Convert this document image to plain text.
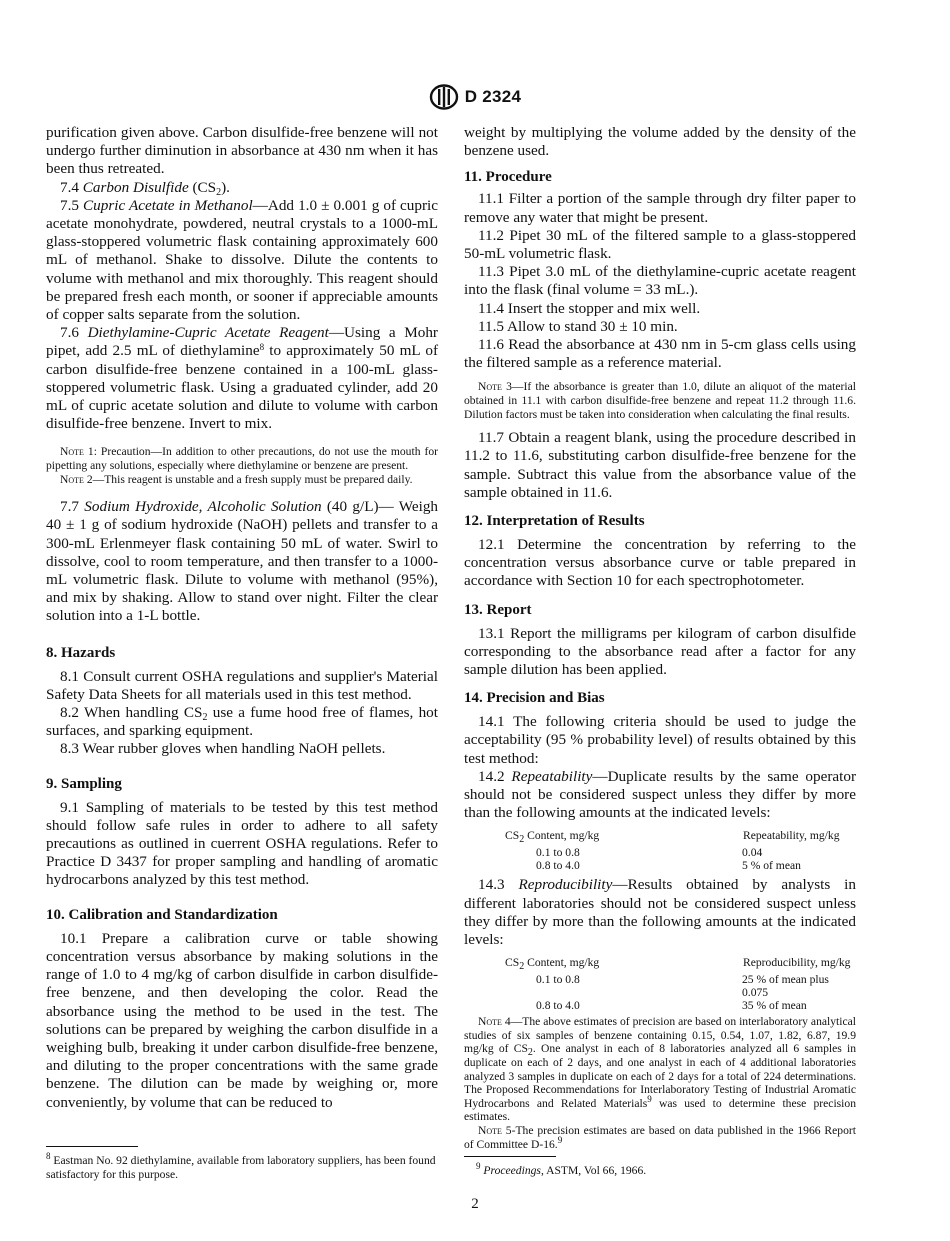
D 2324

purification given above. Carbon disulfide-free benzene will not undergo further diminution in absorbance at 430 nm when it has been thus retreated.

7.4 Carbon Disulfide $(CS_2)$.

7.5 Cupric Acetate in Methanol—Add 1.0 ± 0.001 g of cupric acetate monohydrate, powdered, neutral crystals to a 1000-mL glass-stoppered volumetric flask containing approximately 600 mL of methanol. Shake to dissolve. Dilute the contents to volume with methanol and mix thoroughly. This reagent should be prepared fresh each month, or sooner if appreciable amounts of copper salts separate from the solution.

7.6 Diethylamine-Cupric Acetate Reagent—Using a Mohr pipet, add 2.5 mL of diethylamine$^8$ to approximately 50 mL of carbon disulfide-free benzene contained in a 100-mL glass-stoppered volumetric flask. Using a graduated cylinder, add 20 mL of cupric acetate solution and dilute to volume with carbon disulfide-free benzene. Invert to mix.

Note 1: Precaution—In addition to other precautions, do not use the mouth for pipetting any solutions, especially where diethylamine or benzene are present.

Note 2—This reagent is unstable and a fresh supply must be prepared daily.

7.7 Sodium Hydroxide, Alcoholic Solution (40 g/L)— Weigh 40 ± 1 g of sodium hydroxide (NaOH) pellets and transfer to a 300-mL Erlenmeyer flask containing 50 mL of water. Swirl to dissolve, cool to room temperature, and then transfer to a 1000-mL volumetric flask. Dilute to volume with methanol (95%), and mix by shaking. Allow to stand over night. Filter the clear solution into a 1-L bottle.

8. Hazards

8.1 Consult current OSHA regulations and supplier's Material Safety Data Sheets for all materials used in this test method.

8.2 When handling $CS_2$ use a fume hood free of flames, hot surfaces, and sparking equipment.

8.3 Wear rubber gloves when handling NaOH pellets.

9. Sampling

9.1 Sampling of materials to be tested by this test method should follow safe rules in order to adhere to all safety precautions as outlined in cuerrent OSHA regulations. Refer to Practice D 3437 for proper sampling and handling of aromatic hydrocarbons analyzed by this test method.

10. Calibration and Standardization

10.1 Prepare a calibration curve or table showing concentration versus absorbance by making solutions in the range of 1.0 to 4 mg/kg of carbon disulfide in carbon disulfide-free benzene, and then developing the color. Read the absorbance using the method to be used in the test. The solutions can be prepared by weighing the carbon disulfide in a weighing bulb, breaking it under carbon disulfide-free benzene, and diluting to the proper concentrations with the same grade benzene. The dilution can be made by weighing or, more conveniently, by volume that can be reduced to

$^8$ Eastman No. 92 diethylamine, available from laboratory suppliers, has been found satisfactory for this purpose.

weight by multiplying the volume added by the density of the benzene used.

11. Procedure

11.1 Filter a portion of the sample through dry filter paper to remove any water that might be present.

11.2 Pipet 30 mL of the filtered sample to a glass-stoppered 50-mL volumetric flask.

11.3 Pipet 3.0 mL of the diethylamine-cupric acetate reagent into the flask (final volume = 33 mL.).

11.4 Insert the stopper and mix well.

11.5 Allow to stand 30 ± 10 min.

11.6 Read the absorbance at 430 nm in 5-cm glass cells using the filtered sample as a reference material.

Note 3—If the absorbance is greater than 1.0, dilute an aliquot of the material obtained in 11.1 with carbon disulfide-free benzene and repeat 11.2 through 11.6. Dilution factors must be taken into consideration when calculating the final results.

11.7 Obtain a reagent blank, using the procedure described in 11.2 to 11.6, substituting carbon disulfide-free benzene for the sample. Subtract this value from the absorbance value of the sample obtained in 11.6.

12. Interpretation of Results

12.1 Determine the concentration by referring to the concentration versus absorbance curve or table prepared in accordance with Section 10 for each spectrophotometer.

13. Report

13.1 Report the milligrams per kilogram of carbon disulfide corresponding to the absorbance read after a factor for any sample dilution has been applied.

14. Precision and Bias

14.1 The following criteria should be used to judge the acceptability (95 % probability level) of results obtained by this test method:

14.2 Repeatability—Duplicate results by the same operator should not be considered suspect unless they differ by more than the following amounts at the indicated levels:

$CS_2$ Content, mg/kg	Repeatability, mg/kg
0.1 to 0.8	0.04
0.8 to 4.0	5 % of mean

14.3 Reproducibility—Results obtained by analysts in different laboratories should not be considered suspect unless they differ by more than the following amounts at the indicated levels:

$CS_2$ Content, mg/kg	Reproducibility, mg/kg
0.1 to 0.8	25 % of mean plus 0.075
0.8 to 4.0	35 % of mean

Note 4—The above estimates of precision are based on interlaboratory analytical studies of six samples of benzene containing 0.15, 0.54, 1.07, 1.82, 6.87, 19.9 mg/kg of $CS_2$. One analyst in each of 8 laboratories analyzed all 6 samples in duplicate on each of 2 days, and one analyst in each of 4 additional laboratories analyzed 3 samples in duplicate on each of 2 days for a total of 224 determinations. The Proposed Recommendations for Interlaboratory Testing of Industrial Aromatic Hydrocarbons and Related Materials$^9$ was used to determine these precision estimates.

Note 5-The precision estimates are based on data published in the 1966 Report of Committee D-16.$^9$

$^9$ Proceedings, ASTM, Vol 66, 1966.
2
